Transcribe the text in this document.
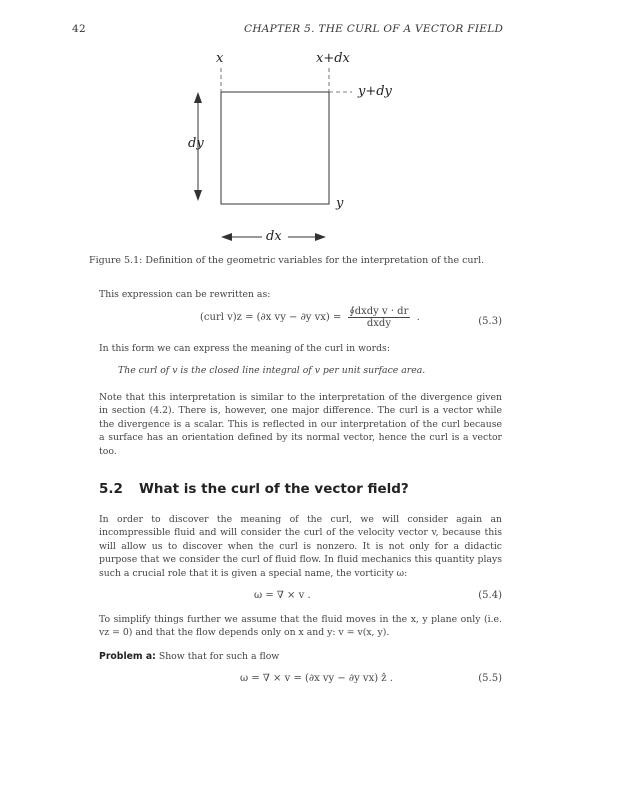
42	CHAPTER 5. THE CURL OF A VECTOR FIELD
x	x+dx
y+dy
dy
y
dx
Figure 5.1: Definition of the geometric variables for the interpretation of the curl.
This expression can be rewritten as:
(curl v)z = (∂x vy − ∂y $vx) = \frac{\text{∮dxdy v · dr}}{\text{dxdy}}$ .	(5.3)
In this form we can express the meaning of the curl in words:
The curl of v is the closed line integral of v per unit surface area.
Note that this interpretation is similar to the interpretation of the divergence given in section (4.2). There is, however, one major difference. The curl is a vector while the divergence is a scalar. This is reflected in our interpretation of the curl because a surface has an orientation defined by its normal vector, hence the curl is a vector too.
5.2 What is the curl of the vector field?
In order to discover the meaning of the curl, we will consider again an incompressible fluid and will consider the curl of the velocity vector v, because this will allow us to discover when the curl is nonzero. It is not only for a didactic purpose that we consider the curl of fluid flow. In fluid mechanics this quantity plays such a crucial role that it is given a special name, the vorticity ω:
ω = ∇ × v .	(5.4)
To simplify things further we assume that the fluid moves in the x, y plane only (i.e. vz = 0) and that the flow depends only on x and y: v = v(x, y).
Problem a: Show that for such a flow
ω = ∇ × v = (∂x vy − ∂y vx) ẑ .	(5.5)
